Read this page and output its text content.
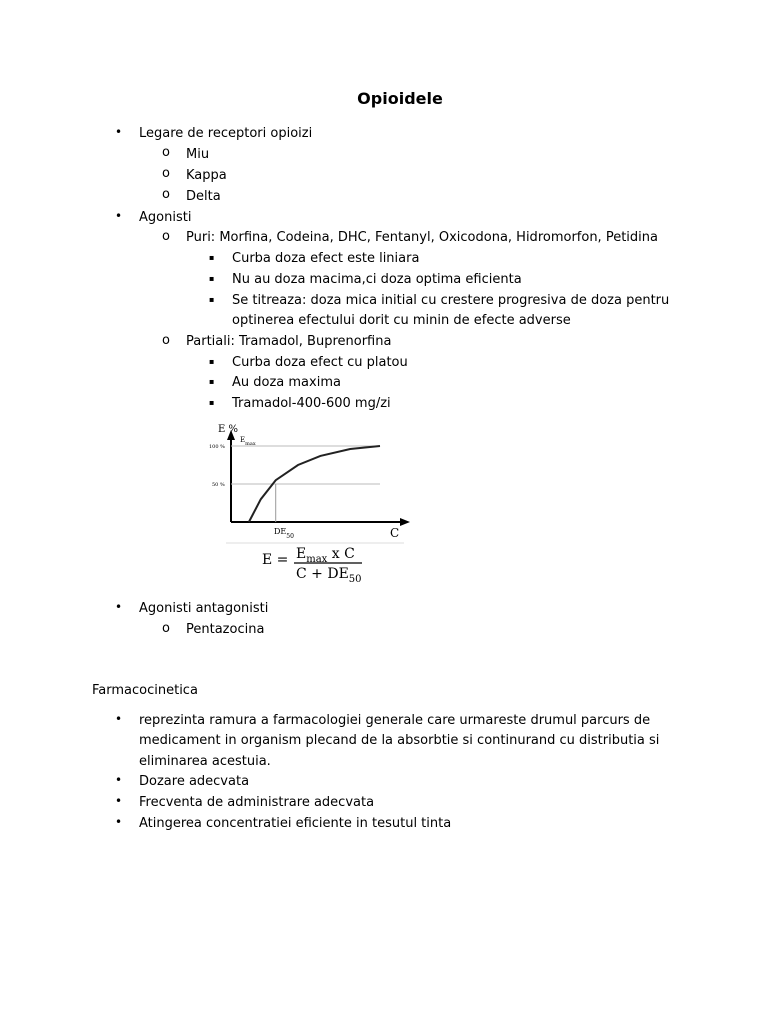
Opioidele
• Legare de receptori opioizi
o Miu
o Kappa
o Delta
• Agonisti
o Puri: Morfina, Codeina, DHC, Fentanyl, Oxicodona, Hidromorfon, Petidina
▪ Curba doza efect este liniara
▪ Nu au doza macima,ci doza optima eficienta
▪ Se titreaza: doza mica initial cu crestere progresiva de doza pentru
optinerea efectului dorit cu minin de efecte adverse
o Partiali: Tramadol, Buprenorfina
▪ Curba doza efect cu platou
▪ Au doza maxima
▪ Tramadol-400-600 mg/zi
E %
$E_{max}$
100 %
50 %
$DE_{50}$	C
$E = E_{max}$ x C
$C + DE_{50}$
• Agonisti antagonisti
o Pentazocina
Farmacocinetica
• reprezinta ramura a farmacologiei generale care urmareste drumul parcurs de
medicament in organism plecand de la absorbtie si continurand cu distributia si
eliminarea acestuia.
• Dozare adecvata
• Frecventa de administrare adecvata
• Atingerea concentratiei eficiente in tesutul tinta
